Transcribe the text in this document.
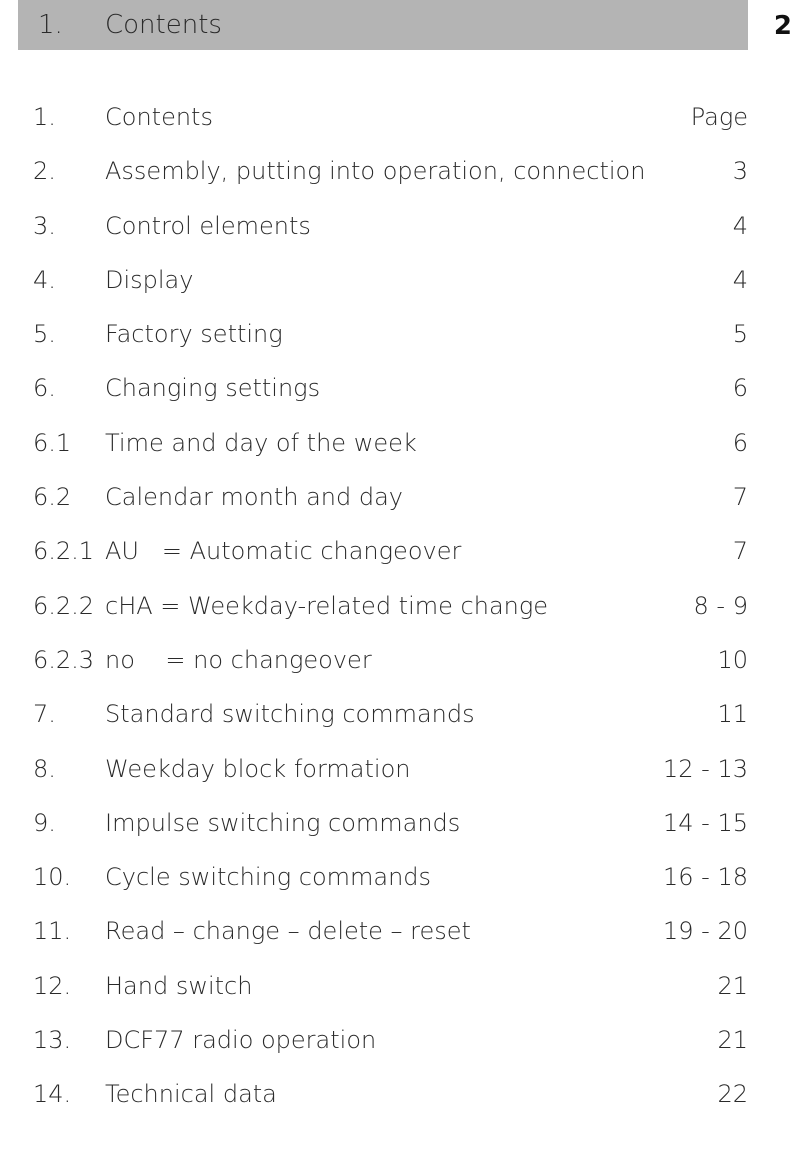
1. Contents	2
1. Contents	Page
2. Assembly, putting into operation, connection	3
3. Control elements	4
4. Display	4
5. Factory setting	5
6. Changing settings	6
6.1 Time and day of the week	6
6.2 Calendar month and day	7
6.2.1 AU   = Automatic changeover	7
6.2.2 cHA = Weekday-related time change	8 - 9
6.2.3 no    = no changeover	10
7. Standard switching commands	11
8. Weekday block formation	12 - 13
9. Impulse switching commands	14 - 15
10. Cycle switching commands	16 - 18
11. Read – change – delete – reset	19 - 20
12. Hand switch	21
13. DCF77 radio operation	21
14. Technical data	22
